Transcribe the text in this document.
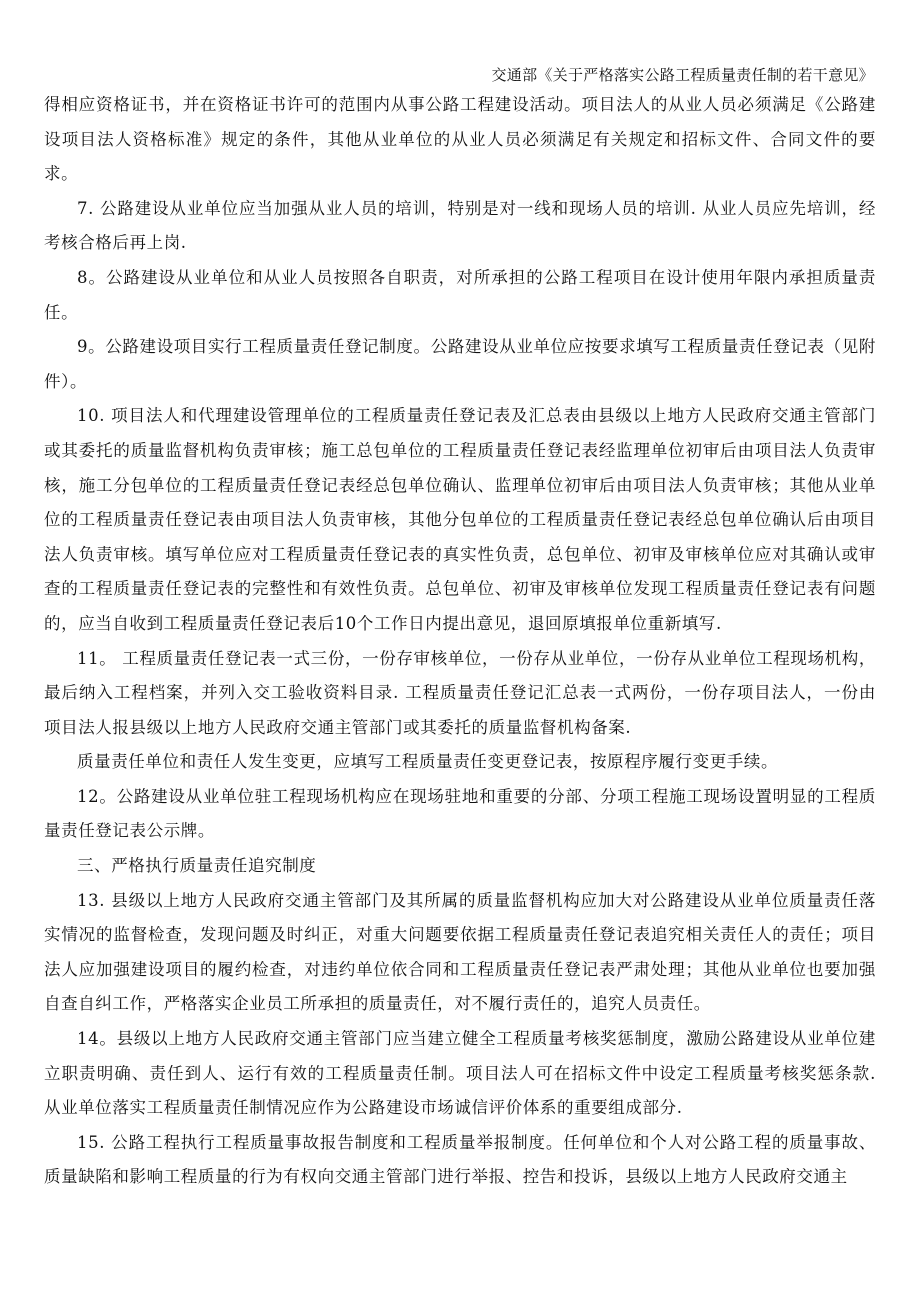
交通部《关于严格落实公路工程质量责任制的若干意见》

得相应资格证书，并在资格证书许可的范围内从事公路工程建设活动。项目法人的从业人员必须满足《公路建设项目法人资格标准》规定的条件，其他从业单位的从业人员必须满足有关规定和招标文件、合同文件的要求。

7. 公路建设从业单位应当加强从业人员的培训，特别是对一线和现场人员的培训. 从业人员应先培训，经考核合格后再上岗.

8。公路建设从业单位和从业人员按照各自职责，对所承担的公路工程项目在设计使用年限内承担质量责任。

9。公路建设项目实行工程质量责任登记制度。公路建设从业单位应按要求填写工程质量责任登记表（见附件）。

10. 项目法人和代理建设管理单位的工程质量责任登记表及汇总表由县级以上地方人民政府交通主管部门或其委托的质量监督机构负责审核；施工总包单位的工程质量责任登记表经监理单位初审后由项目法人负责审核，施工分包单位的工程质量责任登记表经总包单位确认、监理单位初审后由项目法人负责审核；其他从业单位的工程质量责任登记表由项目法人负责审核，其他分包单位的工程质量责任登记表经总包单位确认后由项目法人负责审核。填写单位应对工程质量责任登记表的真实性负责，总包单位、初审及审核单位应对其确认或审查的工程质量责任登记表的完整性和有效性负责。总包单位、初审及审核单位发现工程质量责任登记表有问题的，应当自收到工程质量责任登记表后10个工作日内提出意见，退回原填报单位重新填写.

11。 工程质量责任登记表一式三份，一份存审核单位，一份存从业单位，一份存从业单位工程现场机构，最后纳入工程档案，并列入交工验收资料目录. 工程质量责任登记汇总表一式两份，一份存项目法人，一份由项目法人报县级以上地方人民政府交通主管部门或其委托的质量监督机构备案.

质量责任单位和责任人发生变更，应填写工程质量责任变更登记表，按原程序履行变更手续。

12。公路建设从业单位驻工程现场机构应在现场驻地和重要的分部、分项工程施工现场设置明显的工程质量责任登记表公示牌。

三、严格执行质量责任追究制度

13. 县级以上地方人民政府交通主管部门及其所属的质量监督机构应加大对公路建设从业单位质量责任落实情况的监督检查，发现问题及时纠正，对重大问题要依据工程质量责任登记表追究相关责任人的责任；项目法人应加强建设项目的履约检查，对违约单位依合同和工程质量责任登记表严肃处理；其他从业单位也要加强自查自纠工作，严格落实企业员工所承担的质量责任，对不履行责任的，追究人员责任。

14。县级以上地方人民政府交通主管部门应当建立健全工程质量考核奖惩制度，激励公路建设从业单位建立职责明确、责任到人、运行有效的工程质量责任制。项目法人可在招标文件中设定工程质量考核奖惩条款. 从业单位落实工程质量责任制情况应作为公路建设市场诚信评价体系的重要组成部分.

15. 公路工程执行工程质量事故报告制度和工程质量举报制度。任何单位和个人对公路工程的质量事故、质量缺陷和影响工程质量的行为有权向交通主管部门进行举报、控告和投诉，县级以上地方人民政府交通主
